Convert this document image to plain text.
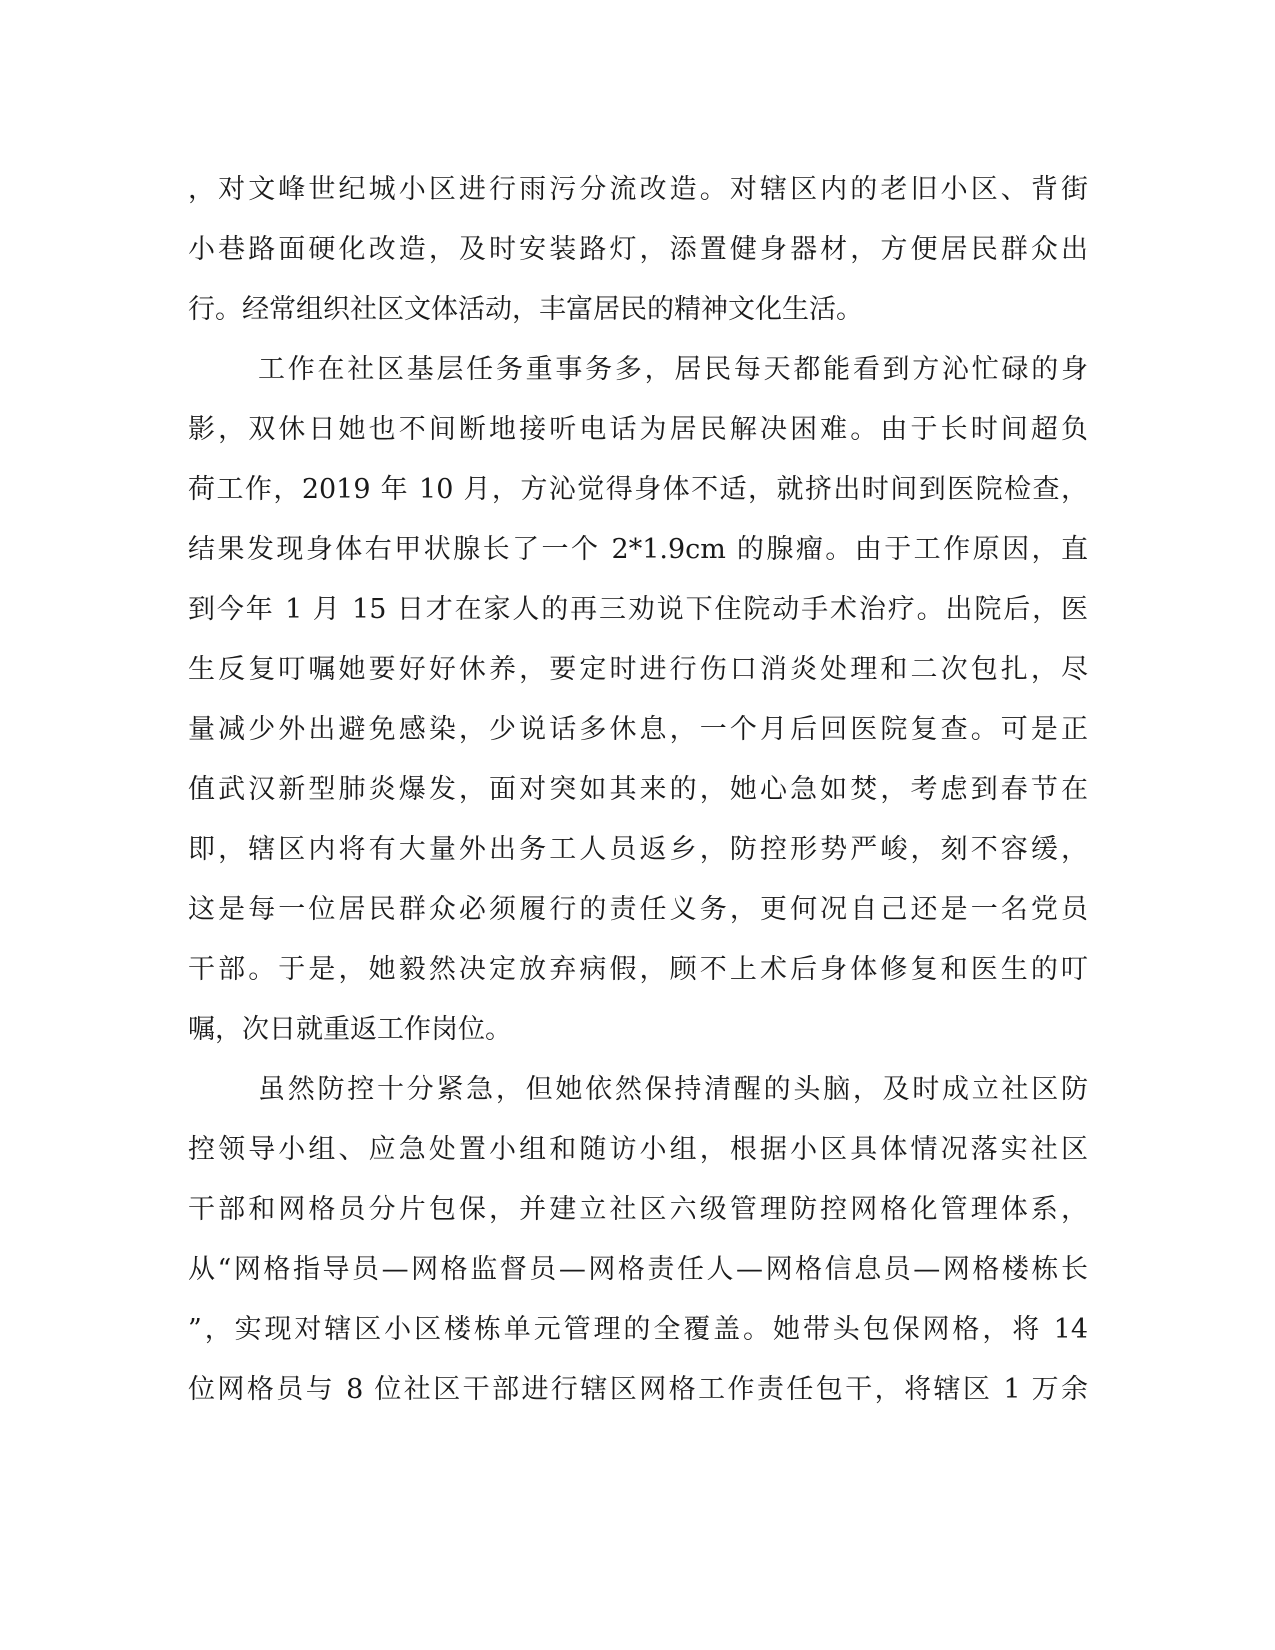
，对文峰世纪城小区进行雨污分流改造。对辖区内的老旧小区、背街
小巷路面硬化改造，及时安装路灯，添置健身器材，方便居民群众出
行。经常组织社区文体活动，丰富居民的精神文化生活。
工作在社区基层任务重事务多，居民每天都能看到方沁忙碌的身
影，双休日她也不间断地接听电话为居民解决困难。由于长时间超负
荷工作，2019 年 10 月，方沁觉得身体不适，就挤出时间到医院检查，
结果发现身体右甲状腺长了一个 2*1.9cm 的腺瘤。由于工作原因，直
到今年 1 月 15 日才在家人的再三劝说下住院动手术治疗。出院后，医
生反复叮嘱她要好好休养，要定时进行伤口消炎处理和二次包扎，尽
量减少外出避免感染，少说话多休息，一个月后回医院复查。可是正
值武汉新型肺炎爆发，面对突如其来的，她心急如焚，考虑到春节在
即，辖区内将有大量外出务工人员返乡，防控形势严峻，刻不容缓，
这是每一位居民群众必须履行的责任义务，更何况自己还是一名党员
干部。于是，她毅然决定放弃病假，顾不上术后身体修复和医生的叮
嘱，次日就重返工作岗位。
虽然防控十分紧急，但她依然保持清醒的头脑，及时成立社区防
控领导小组、应急处置小组和随访小组，根据小区具体情况落实社区
干部和网格员分片包保，并建立社区六级管理防控网格化管理体系，
从“网格指导员—网格监督员—网格责任人—网格信息员—网格楼栋长
”，实现对辖区小区楼栋单元管理的全覆盖。她带头包保网格，将 14
位网格员与 8 位社区干部进行辖区网格工作责任包干，将辖区 1 万余
